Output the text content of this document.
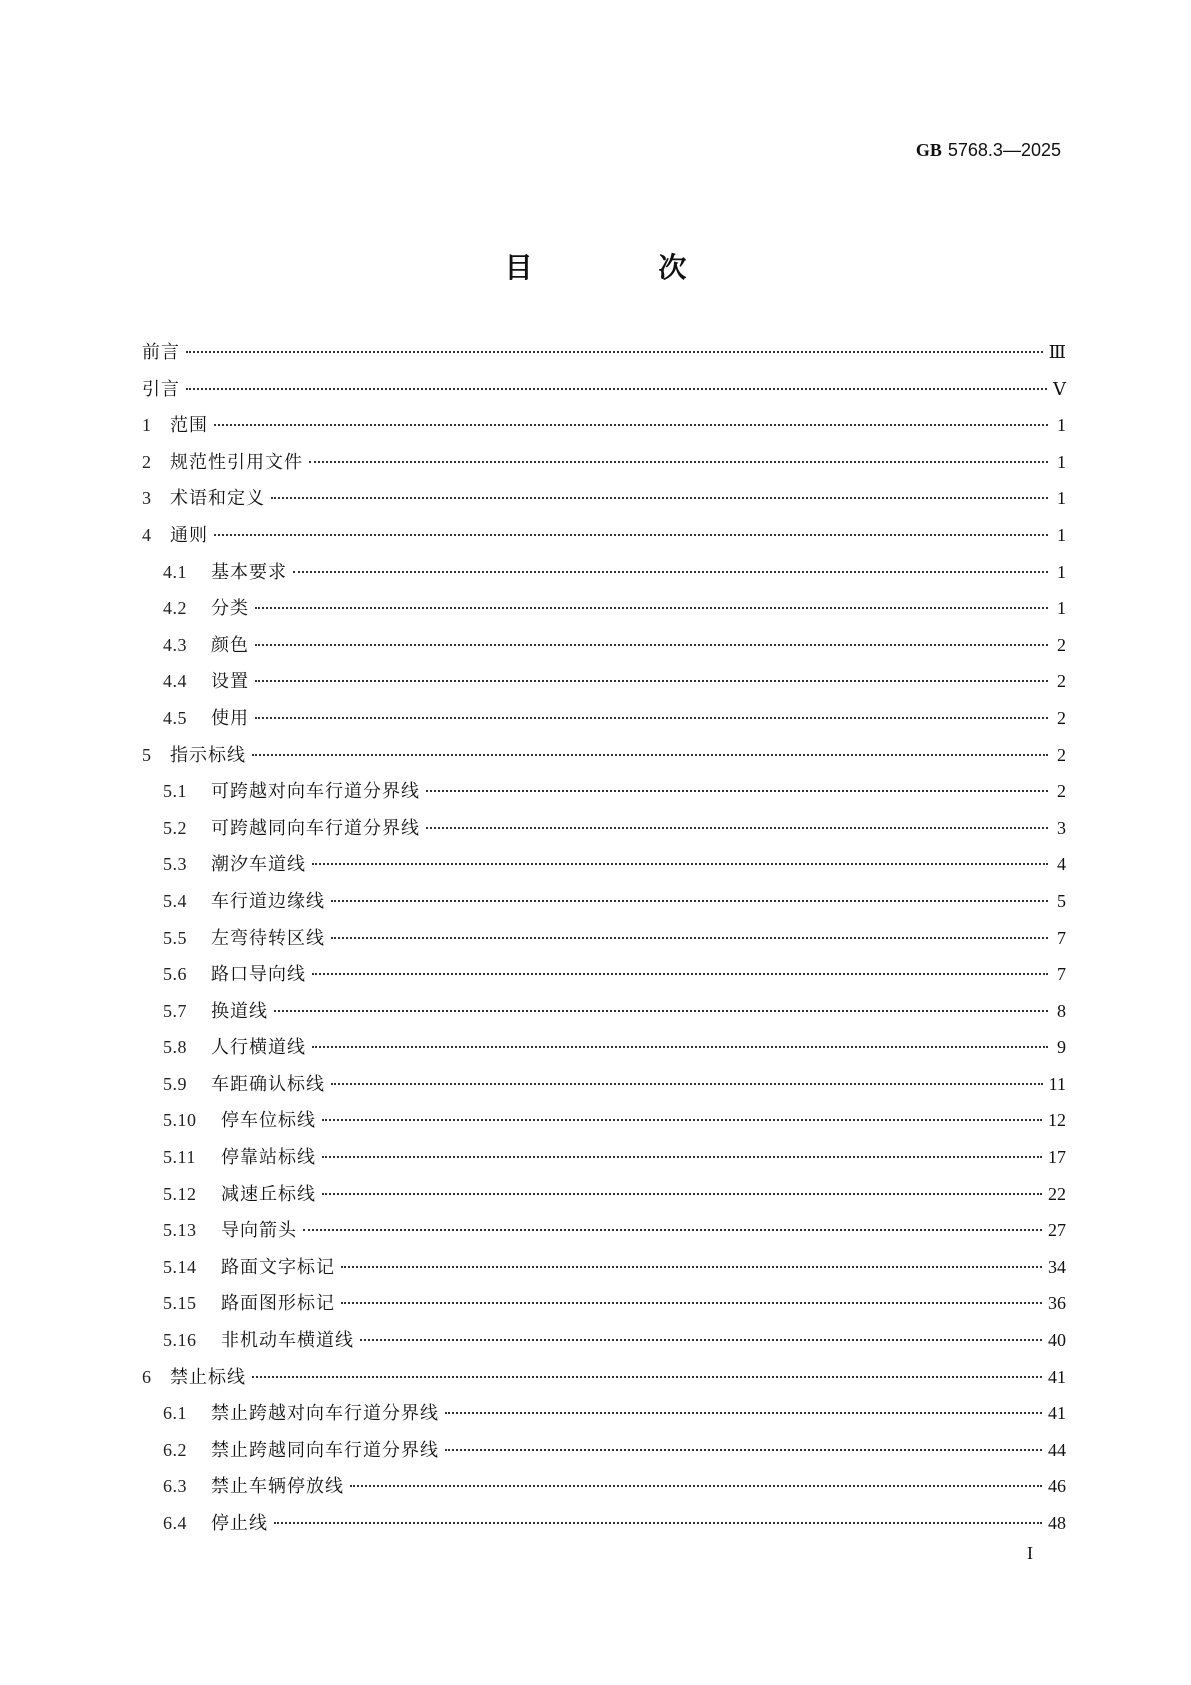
GB 5768.3—2025
目 次
前言	Ⅲ
引言	Ⅴ
1	范围	1
2	规范性引用文件	1
3	术语和定义	1
4	通则	1
4.1	基本要求	1
4.2	分类	1
4.3	颜色	2
4.4	设置	2
4.5	使用	2
5	指示标线	2
5.1	可跨越对向车行道分界线	2
5.2	可跨越同向车行道分界线	3
5.3	潮汐车道线	4
5.4	车行道边缘线	5
5.5	左弯待转区线	7
5.6	路口导向线	7
5.7	换道线	8
5.8	人行横道线	9
5.9	车距确认标线	11
5.10	停车位标线	12
5.11	停靠站标线	17
5.12	减速丘标线	22
5.13	导向箭头	27
5.14	路面文字标记	34
5.15	路面图形标记	36
5.16	非机动车横道线	40
6	禁止标线	41
6.1	禁止跨越对向车行道分界线	41
6.2	禁止跨越同向车行道分界线	44
6.3	禁止车辆停放线	46
6.4	停止线	48
I
